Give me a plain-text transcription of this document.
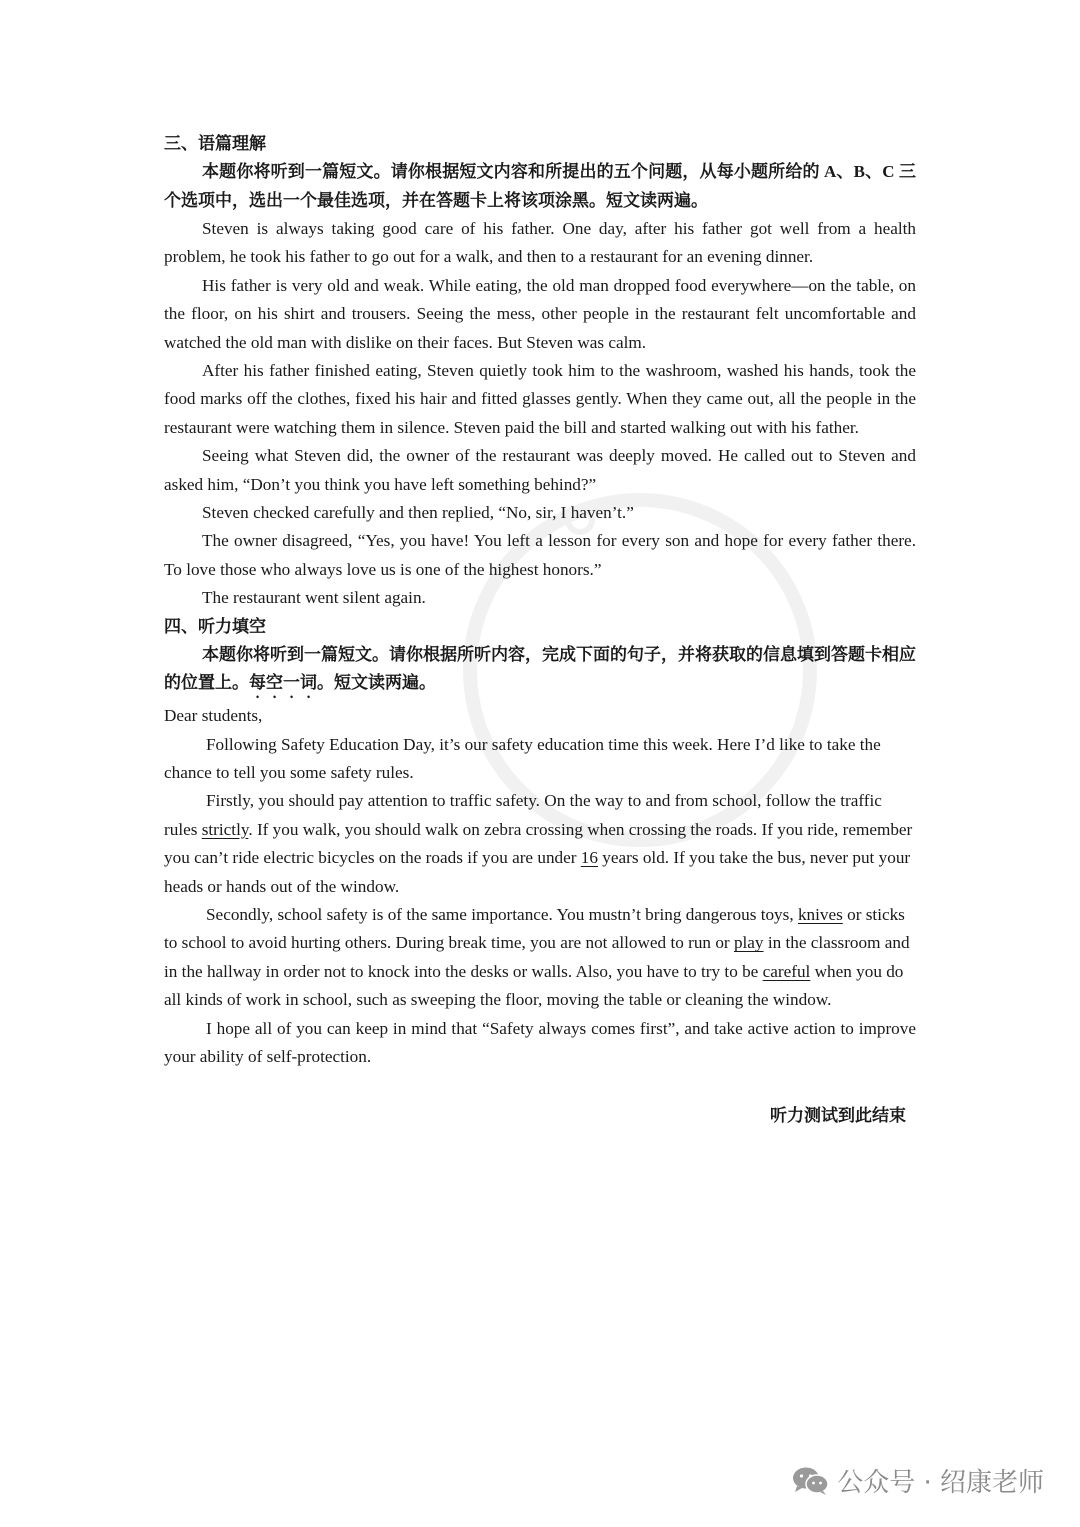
三、语篇理解

本题你将听到一篇短文。请你根据短文内容和所提出的五个问题，从每小题所给的 A、B、C 三个选项中，选出一个最佳选项，并在答题卡上将该项涂黑。短文读两遍。

Steven is always taking good care of his father. One day, after his father got well from a health problem, he took his father to go out for a walk, and then to a restaurant for an evening dinner.

His father is very old and weak. While eating, the old man dropped food everywhere—on the table, on the floor, on his shirt and trousers. Seeing the mess, other people in the restaurant felt uncomfortable and watched the old man with dislike on their faces. But Steven was calm.

After his father finished eating, Steven quietly took him to the washroom, washed his hands, took the food marks off the clothes, fixed his hair and fitted glasses gently. When they came out, all the people in the restaurant were watching them in silence. Steven paid the bill and started walking out with his father.

Seeing what Steven did, the owner of the restaurant was deeply moved. He called out to Steven and asked him, “Don’t you think you have left something behind?”

Steven checked carefully and then replied, “No, sir, I haven’t.”

The owner disagreed, “Yes, you have! You left a lesson for every son and hope for every father there. To love those who always love us is one of the highest honors.”

The restaurant went silent again.

四、听力填空

本题你将听到一篇短文。请你根据所听内容，完成下面的句子，并将获取的信息填到答题卡相应的位置上。每空一词。短文读两遍。

Dear students,

Following Safety Education Day, it’s our safety education time this week. Here I’d like to take the chance to tell you some safety rules.

Firstly, you should pay attention to traffic safety. On the way to and from school, follow the traffic rules strictly. If you walk, you should walk on zebra crossing when crossing the roads. If you ride, remember you can’t ride electric bicycles on the roads if you are under 16 years old. If you take the bus, never put your heads or hands out of the window.

Secondly, school safety is of the same importance. You mustn’t bring dangerous toys, knives or sticks to school to avoid hurting others. During break time, you are not allowed to run or play in the classroom and in the hallway in order not to knock into the desks or walls. Also, you have to try to be careful when you do all kinds of work in school, such as sweeping the floor, moving the table or cleaning the window.

I hope all of you can keep in mind that “Safety always comes first”, and take active action to improve your ability of self-protection.

听力测试到此结束

公众号 · 绍康老师
